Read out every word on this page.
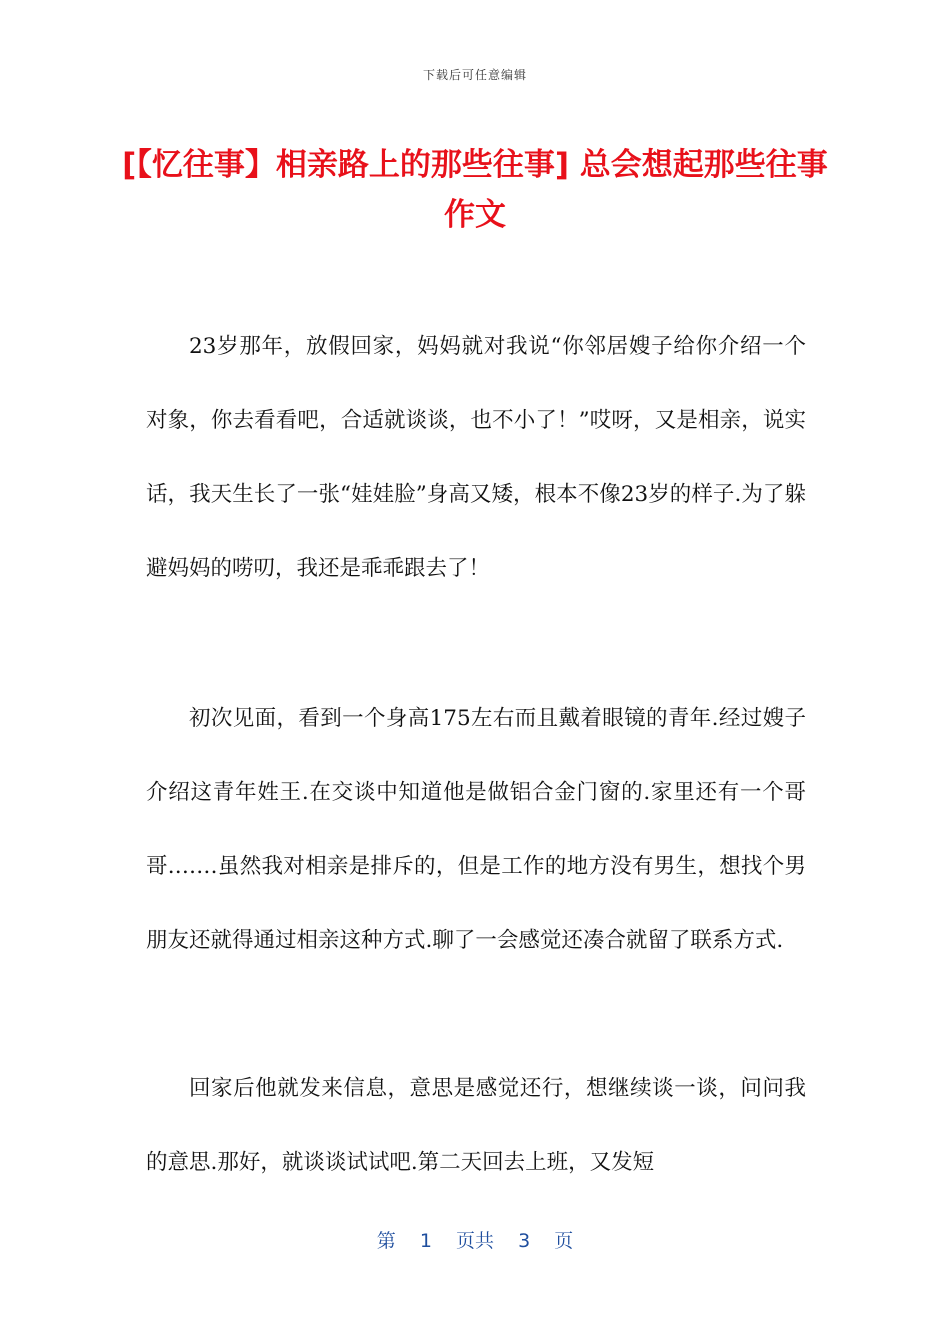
下载后可任意编辑
[【忆往事】相亲路上的那些往事] 总会想起那些往事作文

23岁那年，放假回家，妈妈就对我说“你邻居嫂子给你介绍一个对象，你去看看吧，合适就谈谈，也不小了！”哎呀，又是相亲，说实话，我天生长了一张“娃娃脸”身高又矮，根本不像23岁的样子.为了躲避妈妈的唠叨，我还是乖乖跟去了！

初次见面，看到一个身高175左右而且戴着眼镜的青年.经过嫂子介绍这青年姓王.在交谈中知道他是做铝合金门窗的.家里还有一个哥哥.……虽然我对相亲是排斥的，但是工作的地方没有男生，想找个男朋友还就得通过相亲这种方式.聊了一会感觉还凑合就留了联系方式.

回家后他就发来信息，意思是感觉还行，想继续谈一谈，问问我的意思.那好，就谈谈试试吧.第二天回去上班，又发短

第  1  页共  3  页
